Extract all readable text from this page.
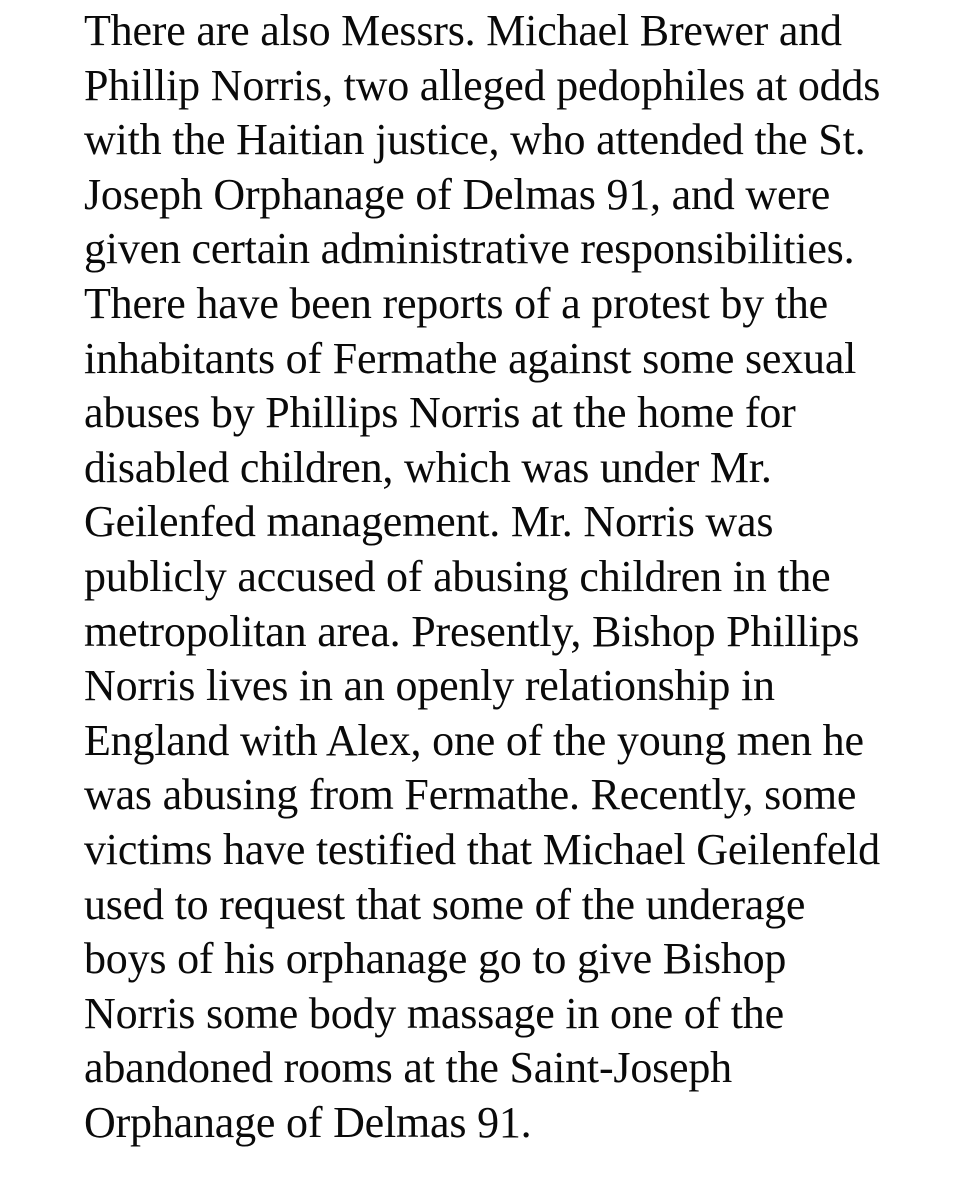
There are also Messrs. Michael Brewer and
Phillip Norris, two alleged pedophiles at odds
with the Haitian justice, who attended the St.
Joseph Orphanage of Delmas 91, and were
given certain administrative responsibilities.
There have been reports of a protest by the
inhabitants of Fermathe against some sexual
abuses by Phillips Norris at the home for
disabled children, which was under Mr.
Geilenfed management. Mr. Norris was
publicly accused of abusing children in the
metropolitan area. Presently, Bishop Phillips
Norris lives in an openly relationship in
England with Alex, one of the young men he
was abusing from Fermathe. Recently, some
victims have testified that Michael Geilenfeld
used to request that some of the underage
boys of his orphanage go to give Bishop
Norris some body massage in one of the
abandoned rooms at the Saint-Joseph
Orphanage of Delmas 91.
